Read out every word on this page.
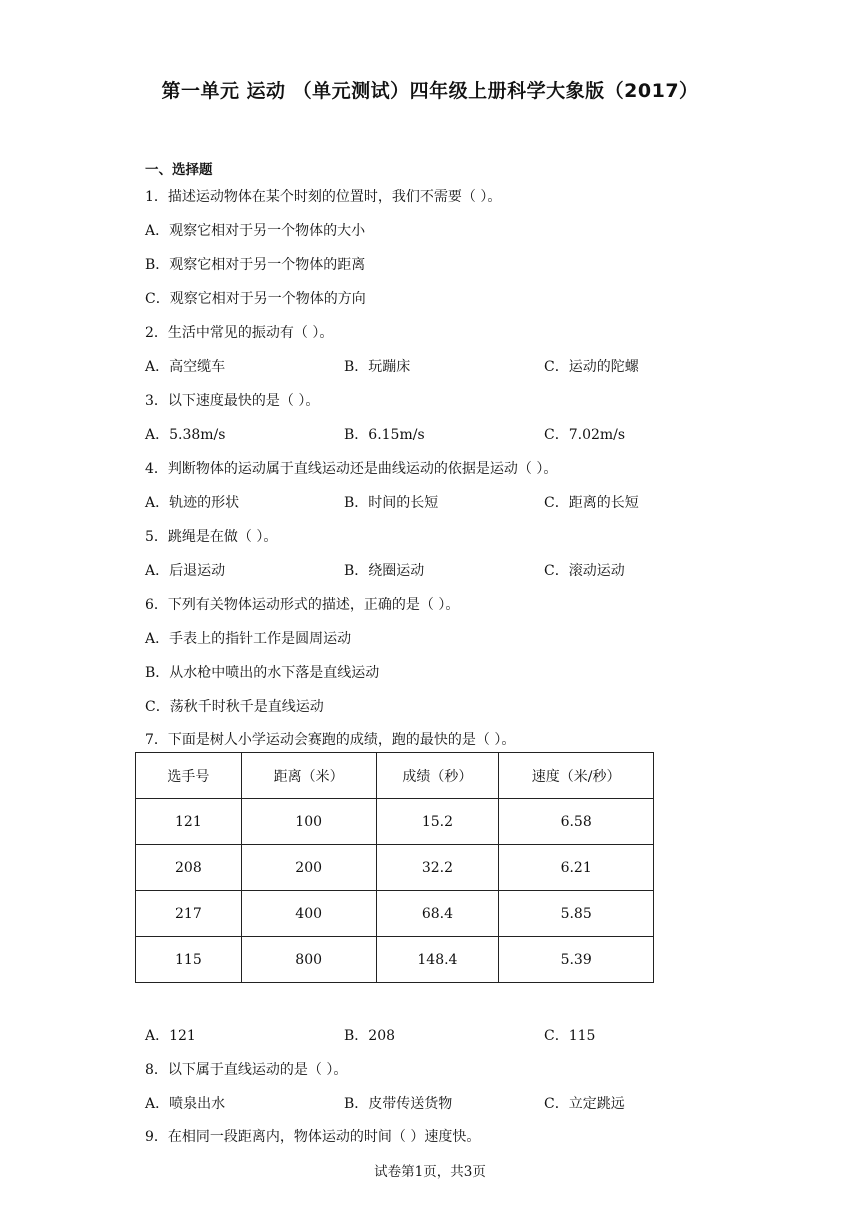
第一单元 运动 （单元测试）四年级上册科学大象版（2017）
一、选择题
1．描述运动物体在某个时刻的位置时，我们不需要（ ）。
A．观察它相对于另一个物体的大小
B．观察它相对于另一个物体的距离
C．观察它相对于另一个物体的方向
2．生活中常见的振动有（ ）。
A．高空缆车	B．玩蹦床	C．运动的陀螺
3．以下速度最快的是（ ）。
A．5.38m/s	B．6.15m/s	C．7.02m/s
4．判断物体的运动属于直线运动还是曲线运动的依据是运动（ ）。
A．轨迹的形状	B．时间的长短	C．距离的长短
5．跳绳是在做（ ）。
A．后退运动	B．绕圈运动	C．滚动运动
6．下列有关物体运动形式的描述，正确的是（ ）。
A．手表上的指针工作是圆周运动
B．从水枪中喷出的水下落是直线运动
C．荡秋千时秋千是直线运动
7．下面是树人小学运动会赛跑的成绩，跑的最快的是（ ）。
选手号	距离（米）	成绩（秒）	速度（米/秒）
121	100	15.2	6.58
208	200	32.2	6.21
217	400	68.4	5.85
115	800	148.4	5.39
A．121	B．208	C．115
8．以下属于直线运动的是（ ）。
A．喷泉出水	B．皮带传送货物	C．立定跳远
9．在相同一段距离内，物体运动的时间（ ）速度快。
试卷第1页，共3页
